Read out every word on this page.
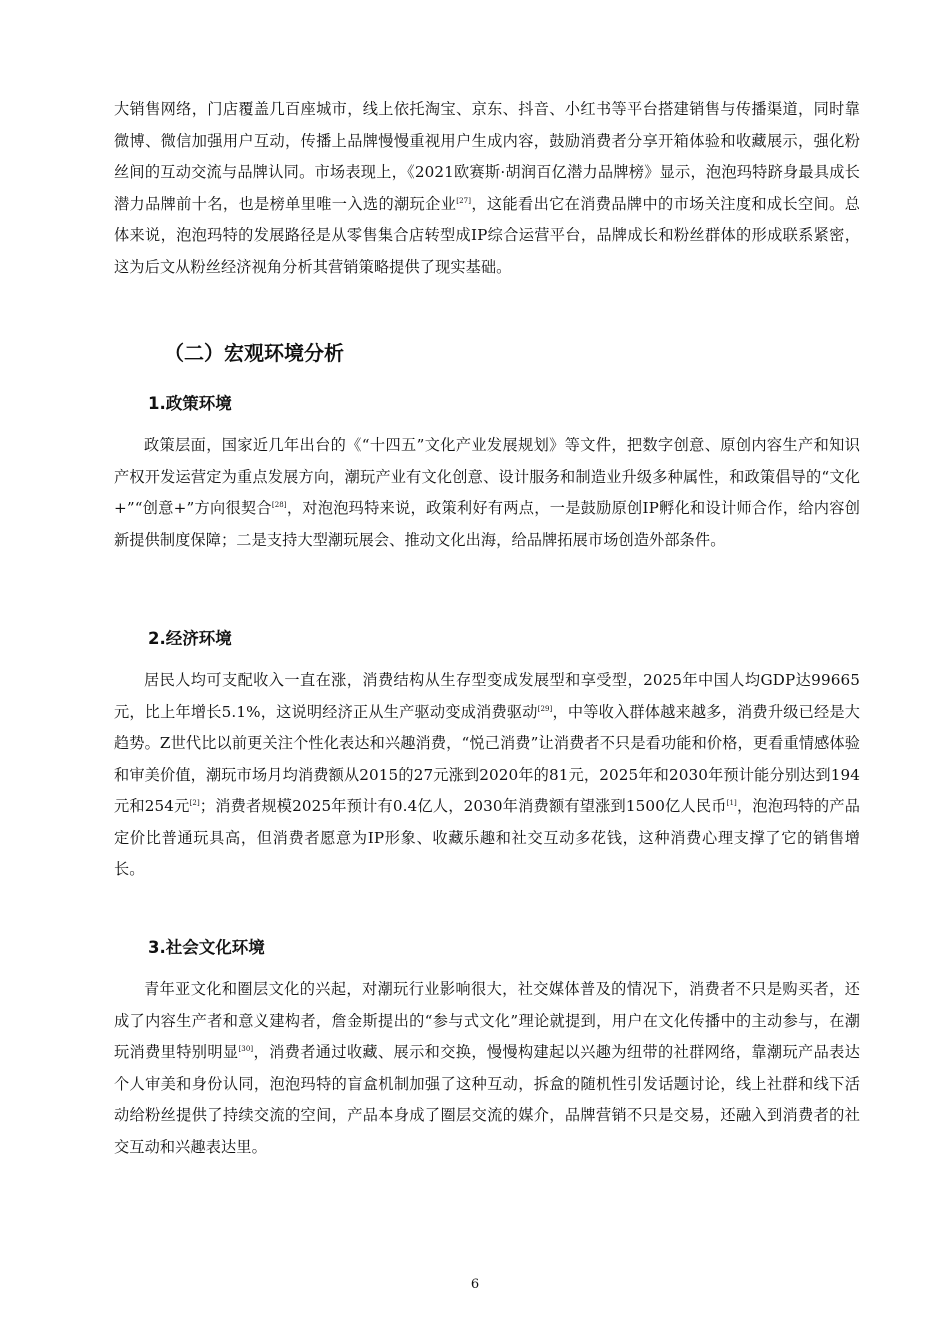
大销售网络，门店覆盖几百座城市，线上依托淘宝、京东、抖音、小红书等平台搭建销售与传播渠道，同时靠微博、微信加强用户互动，传播上品牌慢慢重视用户生成内容，鼓励消费者分享开箱体验和收藏展示，强化粉丝间的互动交流与品牌认同。市场表现上，《2021欧赛斯·胡润百亿潜力品牌榜》显示，泡泡玛特跻身最具成长潜力品牌前十名，也是榜单里唯一入选的潮玩企业[27]，这能看出它在消费品牌中的市场关注度和成长空间。总体来说，泡泡玛特的发展路径是从零售集合店转型成IP综合运营平台，品牌成长和粉丝群体的形成联系紧密，这为后文从粉丝经济视角分析其营销策略提供了现实基础。

（二）宏观环境分析
1.政策环境

政策层面，国家近几年出台的《“十四五”文化产业发展规划》等文件，把数字创意、原创内容生产和知识产权开发运营定为重点发展方向，潮玩产业有文化创意、设计服务和制造业升级多种属性，和政策倡导的“文化+”“创意+”方向很契合[28]，对泡泡玛特来说，政策利好有两点，一是鼓励原创IP孵化和设计师合作，给内容创新提供制度保障；二是支持大型潮玩展会、推动文化出海，给品牌拓展市场创造外部条件。

2.经济环境

居民人均可支配收入一直在涨，消费结构从生存型变成发展型和享受型，2025年中国人均GDP达99665元，比上年增长5.1%，这说明经济正从生产驱动变成消费驱动[29]，中等收入群体越来越多，消费升级已经是大趋势。Z世代比以前更关注个性化表达和兴趣消费，“悦己消费”让消费者不只是看功能和价格，更看重情感体验和审美价值，潮玩市场月均消费额从2015的27元涨到2020年的81元，2025年和2030年预计能分别达到194元和254元[2]；消费者规模2025年预计有0.4亿人，2030年消费额有望涨到1500亿人民币[1]，泡泡玛特的产品定价比普通玩具高，但消费者愿意为IP形象、收藏乐趣和社交互动多花钱，这种消费心理支撑了它的销售增长。

3.社会文化环境

青年亚文化和圈层文化的兴起，对潮玩行业影响很大，社交媒体普及的情况下，消费者不只是购买者，还成了内容生产者和意义建构者，詹金斯提出的“参与式文化”理论就提到，用户在文化传播中的主动参与，在潮玩消费里特别明显[30]，消费者通过收藏、展示和交换，慢慢构建起以兴趣为纽带的社群网络，靠潮玩产品表达个人审美和身份认同，泡泡玛特的盲盒机制加强了这种互动，拆盒的随机性引发话题讨论，线上社群和线下活动给粉丝提供了持续交流的空间，产品本身成了圈层交流的媒介，品牌营销不只是交易，还融入到消费者的社交互动和兴趣表达里。

6
